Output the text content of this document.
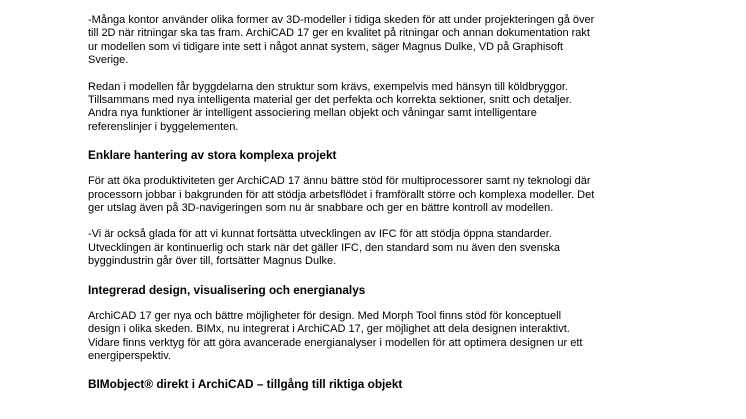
-Många kontor använder olika former av 3D-modeller i tidiga skeden för att under projekteringen gå över
till 2D när ritningar ska tas fram. ArchiCAD 17 ger en kvalitet på ritningar och annan dokumentation rakt
ur modellen som vi tidigare inte sett i något annat system, säger Magnus Dulke, VD på Graphisoft
Sverige.

Redan i modellen får byggdelarna den struktur som krävs, exempelvis med hänsyn till köldbryggor.
Tillsammans med nya intelligenta material ger det perfekta och korrekta sektioner, snitt och detaljer.
Andra nya funktioner är intelligent associering mellan objekt och våningar samt intelligentare
referenslinjer i byggelementen.

Enklare hantering av stora komplexa projekt

För att öka produktiviteten ger ArchiCAD 17 ännu bättre stöd för multiprocessorer samt ny teknologi där
processorn jobbar i bakgrunden för att stödja arbetsflödet i framförallt större och komplexa modeller. Det
ger utslag även på 3D-navigeringen som nu är snabbare och ger en bättre kontroll av modellen.

-Vi är också glada för att vi kunnat fortsätta utvecklingen av IFC för att stödja öppna standarder.
Utvecklingen är kontinuerlig och stark när det gäller IFC, den standard som nu även den svenska
byggindustrin går över till, fortsätter Magnus Dulke.

Integrerad design, visualisering och energianalys

ArchiCAD 17 ger nya och bättre möjligheter för design. Med Morph Tool finns stöd för konceptuell
design i olika skeden. BIMx, nu integrerat i ArchiCAD 17, ger möjlighet att dela designen interaktivt.
Vidare finns verktyg för att göra avancerade energianalyser i modellen för att optimera designen ur ett
energiperspektiv.

BIMobject® direkt i ArchiCAD – tillgång till riktiga objekt
